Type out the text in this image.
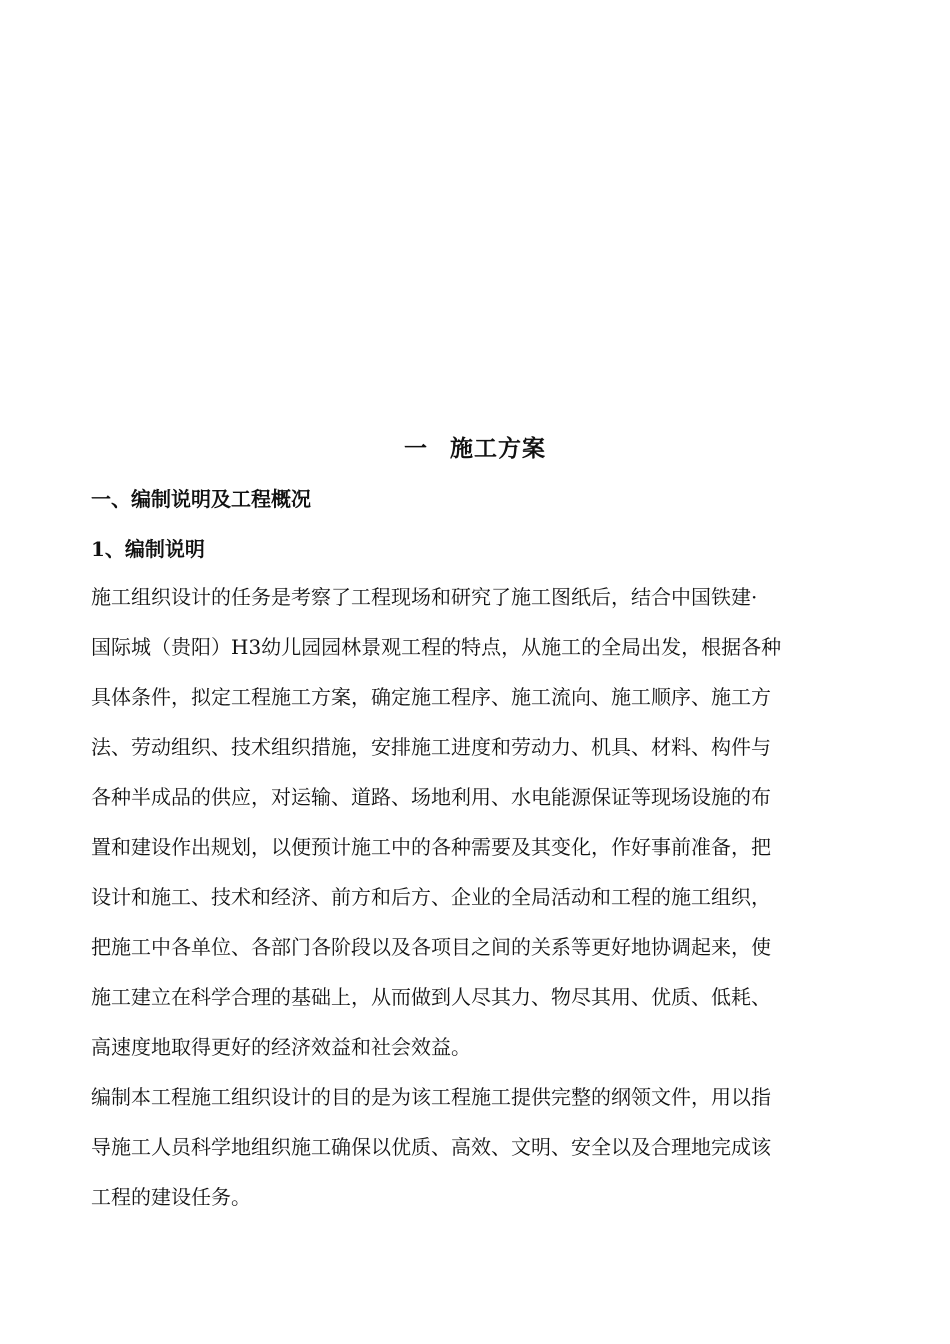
一 施工方案
一、编制说明及工程概况
1、编制说明
施工组织设计的任务是考察了工程现场和研究了施工图纸后，结合中国铁建·
国际城（贵阳）H3幼儿园园林景观工程的特点，从施工的全局出发，根据各种
具体条件，拟定工程施工方案，确定施工程序、施工流向、施工顺序、施工方
法、劳动组织、技术组织措施，安排施工进度和劳动力、机具、材料、构件与
各种半成品的供应，对运输、道路、场地利用、水电能源保证等现场设施的布
置和建设作出规划，以便预计施工中的各种需要及其变化，作好事前准备，把
设计和施工、技术和经济、前方和后方、企业的全局活动和工程的施工组织，
把施工中各单位、各部门各阶段以及各项目之间的关系等更好地协调起来，使
施工建立在科学合理的基础上，从而做到人尽其力、物尽其用、优质、低耗、
高速度地取得更好的经济效益和社会效益。
编制本工程施工组织设计的目的是为该工程施工提供完整的纲领文件，用以指
导施工人员科学地组织施工确保以优质、高效、文明、安全以及合理地完成该
工程的建设任务。
